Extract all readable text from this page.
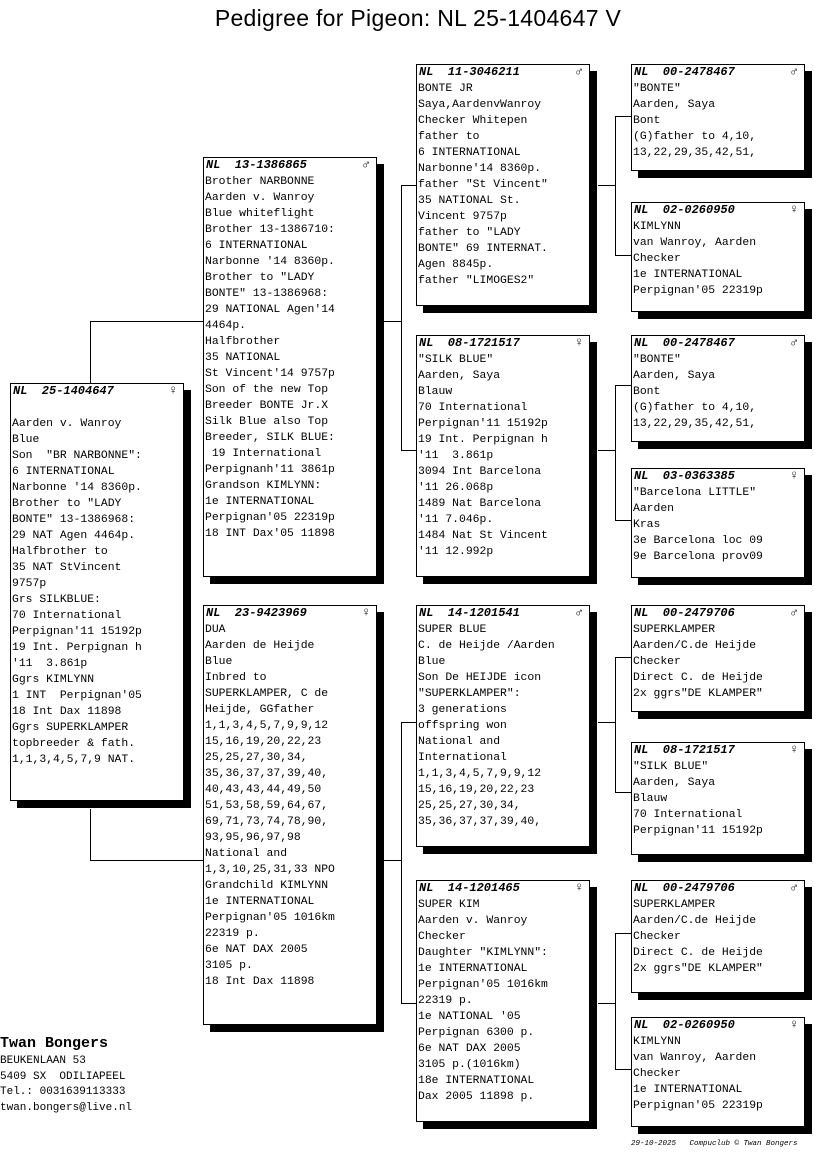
Pedigree for Pigeon: NL 25-1404647 V
NL  25-1404647	♀

Aarden v. Wanroy
Blue
Son  "BR NARBONNE":
6 INTERNATIONAL
Narbonne '14 8360p.
Brother to "LADY
BONTE" 13-1386968:
29 NAT Agen 4464p.
Halfbrother to
35 NAT StVincent
9757p
Grs SILKBLUE:
70 International
Perpignan'11 15192p
19 Int. Perpignan h
'11  3.861p
Ggrs KIMLYNN
1 INT  Perpignan'05
18 Int Dax 11898
Ggrs SUPERKLAMPER
topbreeder & fath.
1,1,3,4,5,7,9 NAT.
NL  13-1386865	♂
Brother NARBONNE
Aarden v. Wanroy
Blue whiteflight
Brother 13-1386710:
6 INTERNATIONAL
Narbonne '14 8360p.
Brother to "LADY
BONTE" 13-1386968:
29 NATIONAL Agen'14
4464p.
Halfbrother
35 NATIONAL
St Vincent'14 9757p
Son of the new Top
Breeder BONTE Jr.X
Silk Blue also Top
Breeder, SILK BLUE:
19 International
Perpignanh'11 3861p
Grandson KIMLYNN:
1e INTERNATIONAL
Perpignan'05 22319p
18 INT Dax'05 11898
NL  23-9423969	♀
DUA
Aarden de Heijde
Blue
Inbred to
SUPERKLAMPER, C de
Heijde, GGfather
1,1,3,4,5,7,9,9,12
15,16,19,20,22,23
25,25,27,30,34,
35,36,37,37,39,40,
40,43,43,44,49,50
51,53,58,59,64,67,
69,71,73,74,78,90,
93,95,96,97,98
National and
1,3,10,25,31,33 NPO
Grandchild KIMLYNN
1e INTERNATIONAL
Perpignan'05 1016km
22319 p.
6e NAT DAX 2005
3105 p.
18 Int Dax 11898
NL  11-3046211	♂
BONTE JR
Saya,AardenvWanroy
Checker Whitepen
father to
6 INTERNATIONAL
Narbonne'14 8360p.
father "St Vincent"
35 NATIONAL St.
Vincent 9757p
father to "LADY
BONTE" 69 INTERNAT.
Agen 8845p.
father "LIMOGES2"
NL  08-1721517	♀
"SILK BLUE"
Aarden, Saya
Blauw
70 International
Perpignan'11 15192p
19 Int. Perpignan h
'11  3.861p
3094 Int Barcelona
'11 26.068p
1489 Nat Barcelona
'11 7.046p.
1484 Nat St Vincent
'11 12.992p
NL  14-1201541	♂
SUPER BLUE
C. de Heijde /Aarden
Blue
Son De HEIJDE icon
"SUPERKLAMPER":
3 generations
offspring won
National and
International
1,1,3,4,5,7,9,9,12
15,16,19,20,22,23
25,25,27,30,34,
35,36,37,37,39,40,
NL  14-1201465	♀
SUPER KIM
Aarden v. Wanroy
Checker
Daughter "KIMLYNN":
1e INTERNATIONAL
Perpignan'05 1016km
22319 p.
1e NATIONAL '05
Perpignan 6300 p.
6e NAT DAX 2005
3105 p.(1016km)
18e INTERNATIONAL
Dax 2005 11898 p.
NL  00-2478467	♂
"BONTE"
Aarden, Saya
Bont
(G)father to 4,10,
13,22,29,35,42,51,
NL  02-0260950	♀
KIMLYNN
van Wanroy, Aarden
Checker
1e INTERNATIONAL
Perpignan'05 22319p
NL  00-2478467	♂
"BONTE"
Aarden, Saya
Bont
(G)father to 4,10,
13,22,29,35,42,51,
NL  03-0363385	♀
"Barcelona LITTLE"
Aarden
Kras
3e Barcelona loc 09
9e Barcelona prov09
NL  00-2479706	♂
SUPERKLAMPER
Aarden/C.de Heijde
Checker
Direct C. de Heijde
2x ggrs"DE KLAMPER"
NL  08-1721517	♀
"SILK BLUE"
Aarden, Saya
Blauw
70 International
Perpignan'11 15192p
NL  00-2479706	♂
SUPERKLAMPER
Aarden/C.de Heijde
Checker
Direct C. de Heijde
2x ggrs"DE KLAMPER"
NL  02-0260950	♀
KIMLYNN
van Wanroy, Aarden
Checker
1e INTERNATIONAL
Perpignan'05 22319p
Twan Bongers
BEUKENLAAN 53
5409 SX  ODILIAPEEL
Tel.: 0031639113333
twan.bongers@live.nl
29-10-2025   Compuclub © Twan Bongers
